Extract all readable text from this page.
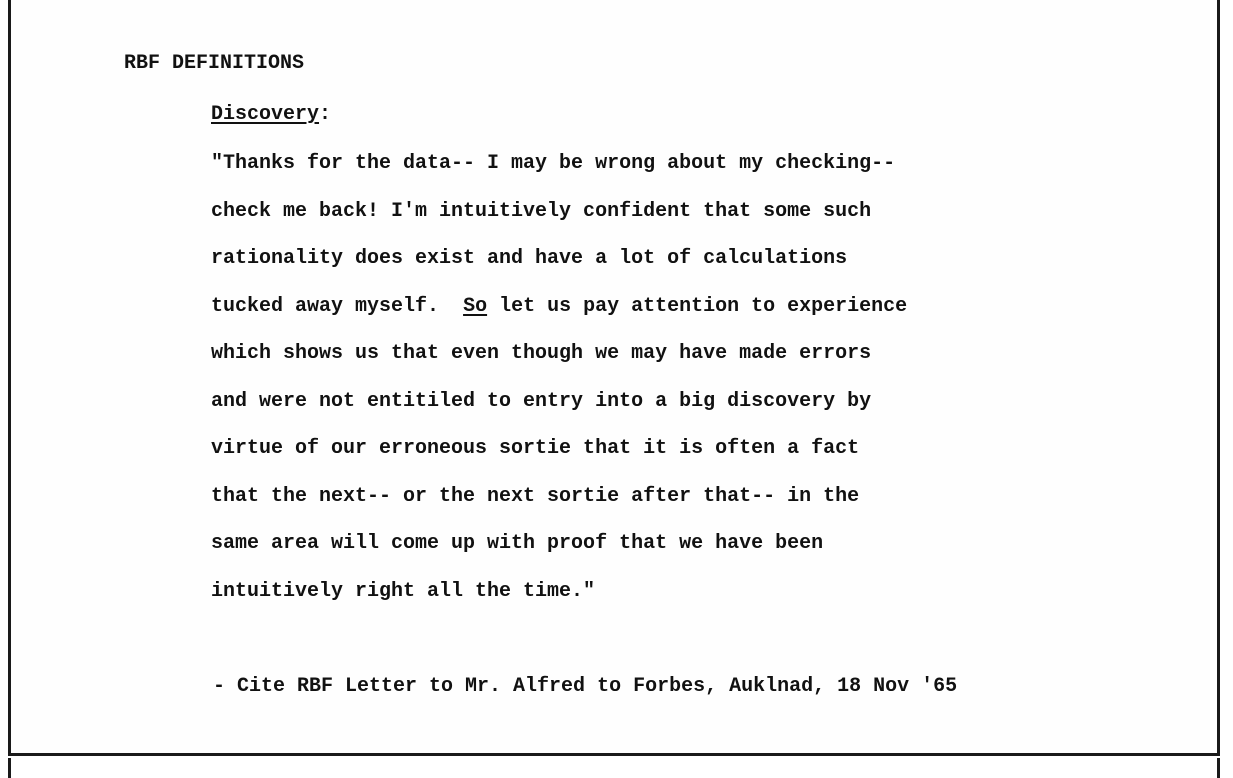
RBF DEFINITIONS
Discovery:
"Thanks for the data-- I may be wrong about my checking--
check me back! I'm intuitively confident that some such
rationality does exist and have a lot of calculations
tucked away myself. So let us pay attention to experience
which shows us that even though we may have made errors
and were not entitiled to entry into a big discovery by
virtue of our erroneous sortie that it is often a fact
that the next-- or the next sortie after that-- in the
same area will come up with proof that we have been
intuitively right all the time."
- Cite RBF Letter to Mr. Alfred to Forbes, Auklnad, 18 Nov '65
